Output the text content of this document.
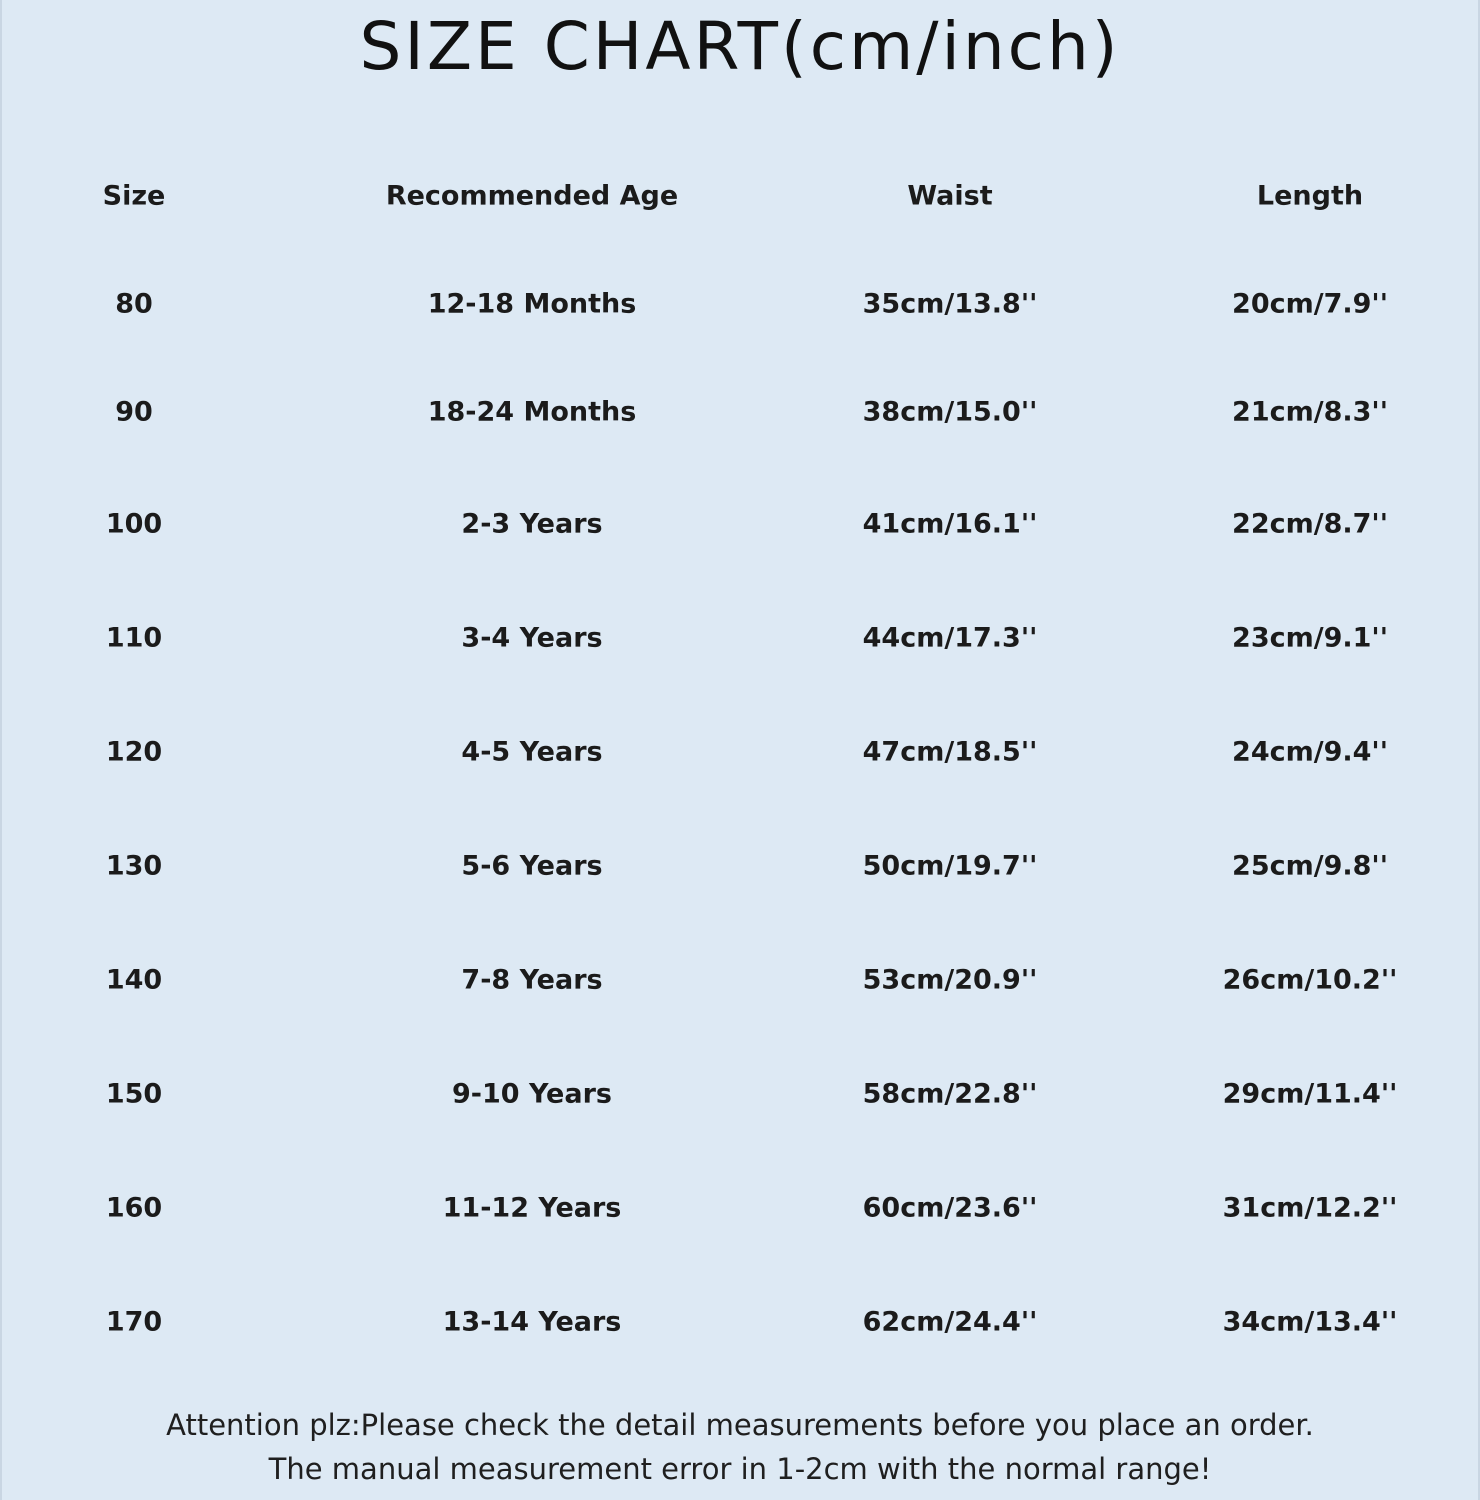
SIZE CHART(cm/inch)
Size	Recommended Age	Waist	Length
80	12-18 Months	35cm/13.8''	20cm/7.9''
90	18-24 Months	38cm/15.0''	21cm/8.3''
100	2-3 Years	41cm/16.1''	22cm/8.7''
110	3-4 Years	44cm/17.3''	23cm/9.1''
120	4-5 Years	47cm/18.5''	24cm/9.4''
130	5-6 Years	50cm/19.7''	25cm/9.8''
140	7-8 Years	53cm/20.9''	26cm/10.2''
150	9-10 Years	58cm/22.8''	29cm/11.4''
160	11-12 Years	60cm/23.6''	31cm/12.2''
170	13-14 Years	62cm/24.4''	34cm/13.4''
Attention plz:Please check the detail measurements before you place an order.
The manual measurement error in 1-2cm with the normal range!
